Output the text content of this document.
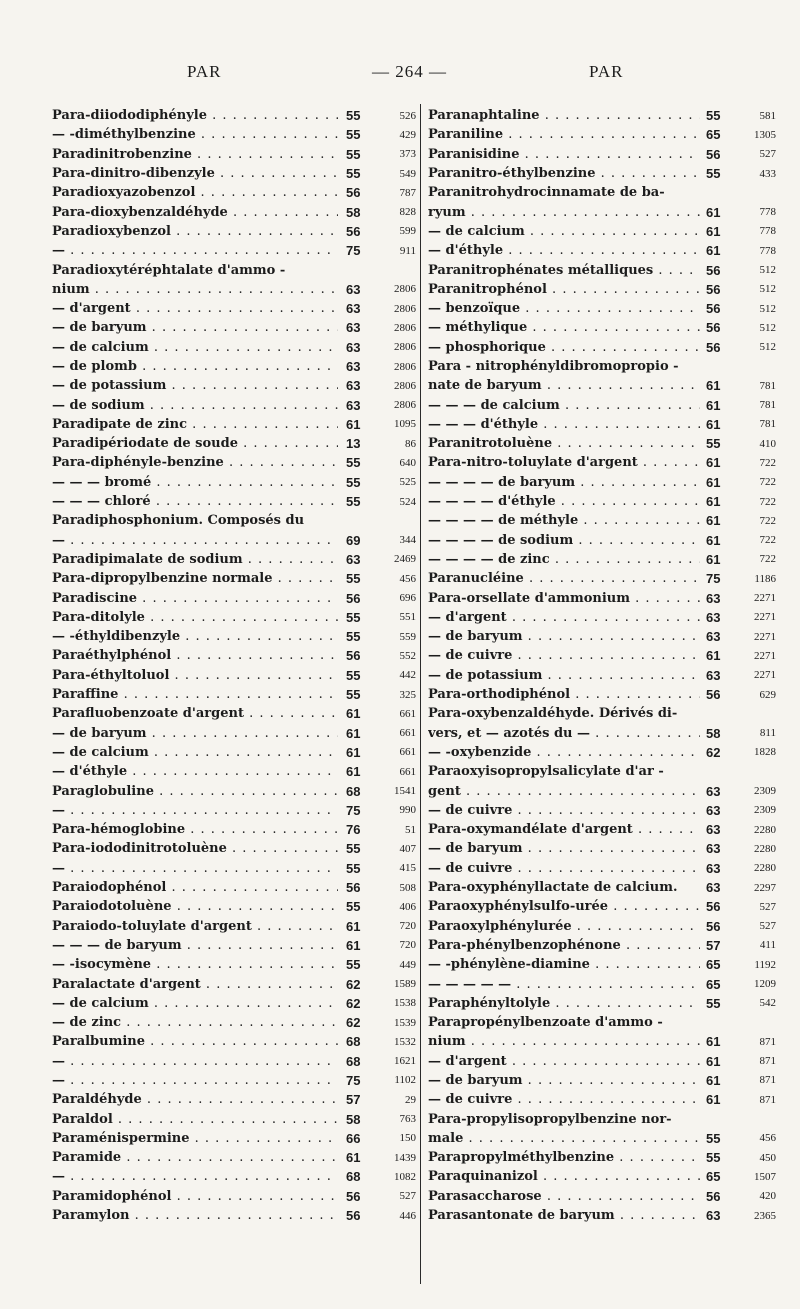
PAR	— 264 —	PAR
Para-diiododiphényle . . .	55	526
— -diméthylbenzine . . .	55	429
Paradinitrobenzine . . .	55	373
Para-dinitro-dibenzyle . . .	55	549
Paradioxyazobenzol . . .	56	787
Para-dioxybenzaldéhyde . . .	58	828
Paradioxybenzol . . .	56	599
— . . .	75	911
Paradioxytéréphtalate d'ammo -
nium . . .	63	2806
— d'argent . . .	63	2806
— de baryum . . .	63	2806
— de calcium . . .	63	2806
— de plomb . . .	63	2806
— de potassium . . .	63	2806
— de sodium . . .	63	2806
Paradipate de zinc . . .	61	1095
Paradipériodate de soude . . .	13	86
Para-diphényle-benzine . . .	55	640
— — — bromé . . .	55	525
— — — chloré . . .	55	524
Paradiphosphonium. Composés du
— . . .	69	344
Paradipimalate de sodium . . .	63	2469
Para-dipropylbenzine normale . . .	55	456
Paradiscine . . .	56	696
Para-ditolyle . . .	55	551
— -éthyldibenzyle . . .	55	559
Paraéthylphénol . . .	56	552
Para-éthyltoluol . . .	55	442
Paraffine . . .	55	325
Parafluobenzoate d'argent . . .	61	661
— de baryum . . .	61	661
— de calcium . . .	61	661
— d'éthyle . . .	61	661
Paraglobuline . . .	68	1541
— . . .	75	990
Para-hémoglobine . . .	76	51
Para-iododinitrotoluène . . .	55	407
— . . .	55	415
Paraiodophénol . . .	56	508
Paraiodotoluène . . .	55	406
Paraiodo-toluylate d'argent . . .	61	720
— — — de baryum . . .	61	720
— -isocymène . . .	55	449
Paralactate d'argent . . .	62	1589
— de calcium . . .	62	1538
— de zinc . . .	62	1539
Paralbumine . . .	68	1532
— . . .	68	1621
— . . .	75	1102
Paraldéhyde . . .	57	29
Paraldol . . .	58	763
Paraménispermine . . .	66	150
Paramide . . .	61	1439
— . . .	68	1082
Paramidophénol . . .	56	527
Paramylon . . .	56	446
Paranaphtaline . . .	55	581
Paraniline . . .	65	1305
Paranisidine . . .	56	527
Paranitro-éthylbenzine . . .	55	433
Paranitrohydrocinnamate de ba-
ryum . . .	61	778
— de calcium . . .	61	778
— d'éthyle . . .	61	778
Paranitrophénates métalliques . . .	56	512
Paranitrophénol . . .	56	512
— benzoïque . . .	56	512
— méthylique . . .	56	512
— phosphorique . . .	56	512
Para - nitrophényldibromopropio -
nate de baryum . . .	61	781
— — — de calcium . . .	61	781
— — — d'éthyle . . .	61	781
Paranitrotoluène . . .	55	410
Para-nitro-toluylate d'argent . . .	61	722
— — — — de baryum . . .	61	722
— — — — d'éthyle . . .	61	722
— — — — de méthyle . . .	61	722
— — — — de sodium . . .	61	722
— — — — de zinc . . .	61	722
Paranucléine . . .	75	1186
Para-orsellate d'ammonium . . .	63	2271
— d'argent . . .	63	2271
— de baryum . . .	63	2271
— de cuivre . . .	61	2271
— de potassium . . .	63	2271
Para-orthodiphénol . . .	56	629
Para-oxybenzaldéhyde. Dérivés di-
vers, et — azotés du — . . .	58	811
— -oxybenzide . . .	62	1828
Paraoxyisopropylsalicylate d'ar -
gent . . .	63	2309
— de cuivre . . .	63	2309
Para-oxymandélate d'argent . . .	63	2280
— de baryum . . .	63	2280
— de cuivre . . .	63	2280
Para-oxyphényllactate de calcium.	63	2297
Paraoxyphénylsulfo-urée . . .	56	527
Paraoxylphénylurée . . .	56	527
Para-phénylbenzophénone . . .	57	411
— -phénylène-diamine . . .	65	1192
— — — — — . . .	65	1209
Paraphényltolyle . . .	55	542
Parapropénylbenzoate d'ammo -
nium . . .	61	871
— d'argent . . .	61	871
— de baryum . . .	61	871
— de cuivre . . .	61	871
Para-propylisopropylbenzine nor-
male . . .	55	456
Parapropylméthylbenzine . . .	55	450
Paraquinanizol . . .	65	1507
Parasaccharose . . .	56	420
Parasantonate de baryum . . .	63	2365
